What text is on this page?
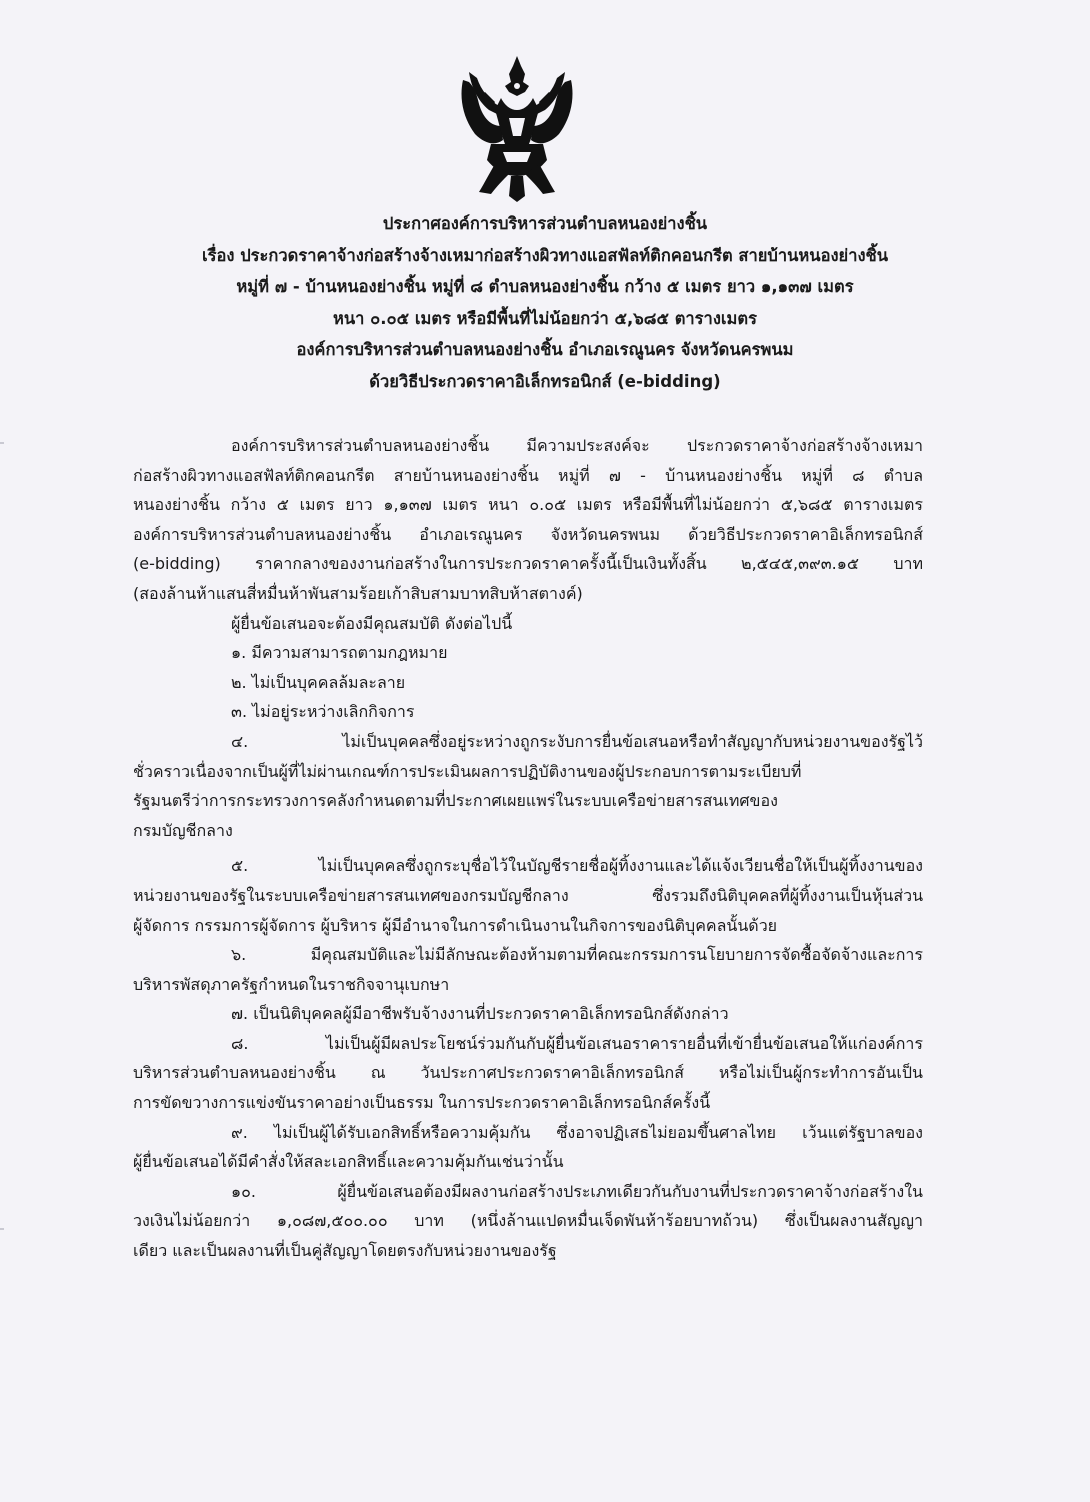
ประกาศองค์การบริหารส่วนตำบลหนองย่างชิ้น
เรื่อง ประกวดราคาจ้างก่อสร้างจ้างเหมาก่อสร้างผิวทางแอสฟัลท์ติกคอนกรีต สายบ้านหนองย่างชิ้น
หมู่ที่ ๗ - บ้านหนองย่างชิ้น หมู่ที่ ๘ ตำบลหนองย่างชิ้น กว้าง ๕ เมตร ยาว ๑,๑๓๗ เมตร
หนา ๐.๐๕ เมตร หรือมีพื้นที่ไม่น้อยกว่า ๕,๖๘๕ ตารางเมตร
องค์การบริหารส่วนตำบลหนองย่างชิ้น อำเภอเรณูนคร จังหวัดนครพนม
ด้วยวิธีประกวดราคาอิเล็กทรอนิกส์ (e-bidding)
องค์การบริหารส่วนตำบลหนองย่างชิ้น มีความประสงค์จะ ประกวดราคาจ้างก่อสร้างจ้างเหมา
ก่อสร้างผิวทางแอสฟัลท์ติกคอนกรีต สายบ้านหนองย่างชิ้น หมู่ที่ ๗ - บ้านหนองย่างชิ้น หมู่ที่ ๘ ตำบล
หนองย่างชิ้น กว้าง ๕ เมตร ยาว ๑,๑๓๗ เมตร หนา ๐.๐๕ เมตร หรือมีพื้นที่ไม่น้อยกว่า ๕,๖๘๕ ตารางเมตร
องค์การบริหารส่วนตำบลหนองย่างชิ้น อำเภอเรณูนคร จังหวัดนครพนม ด้วยวิธีประกวดราคาอิเล็กทรอนิกส์
(e-bidding) ราคากลางของงานก่อสร้างในการประกวดราคาครั้งนี้เป็นเงินทั้งสิ้น ๒,๕๔๕,๓๙๓.๑๕ บาท
(สองล้านห้าแสนสี่หมื่นห้าพันสามร้อยเก้าสิบสามบาทสิบห้าสตางค์)
ผู้ยื่นข้อเสนอจะต้องมีคุณสมบัติ ดังต่อไปนี้
๑. มีความสามารถตามกฎหมาย
๒. ไม่เป็นบุคคลล้มละลาย
๓. ไม่อยู่ระหว่างเลิกกิจการ
๔. ไม่เป็นบุคคลซึ่งอยู่ระหว่างถูกระงับการยื่นข้อเสนอหรือทำสัญญากับหน่วยงานของรัฐไว้
ชั่วคราวเนื่องจากเป็นผู้ที่ไม่ผ่านเกณฑ์การประเมินผลการปฏิบัติงานของผู้ประกอบการตามระเบียบที่
รัฐมนตรีว่าการกระทรวงการคลังกำหนดตามที่ประกาศเผยแพร่ในระบบเครือข่ายสารสนเทศของ
กรมบัญชีกลาง
๕. ไม่เป็นบุคคลซึ่งถูกระบุชื่อไว้ในบัญชีรายชื่อผู้ทิ้งงานและได้แจ้งเวียนชื่อให้เป็นผู้ทิ้งงานของ
หน่วยงานของรัฐในระบบเครือข่ายสารสนเทศของกรมบัญชีกลาง ซึ่งรวมถึงนิติบุคคลที่ผู้ทิ้งงานเป็นหุ้นส่วน
ผู้จัดการ กรรมการผู้จัดการ ผู้บริหาร ผู้มีอำนาจในการดำเนินงานในกิจการของนิติบุคคลนั้นด้วย
๖. มีคุณสมบัติและไม่มีลักษณะต้องห้ามตามที่คณะกรรมการนโยบายการจัดซื้อจัดจ้างและการ
บริหารพัสดุภาครัฐกำหนดในราชกิจจานุเบกษา
๗. เป็นนิติบุคคลผู้มีอาชีพรับจ้างงานที่ประกวดราคาอิเล็กทรอนิกส์ดังกล่าว
๘. ไม่เป็นผู้มีผลประโยชน์ร่วมกันกับผู้ยื่นข้อเสนอราคารายอื่นที่เข้ายื่นข้อเสนอให้แก่องค์การ
บริหารส่วนตำบลหนองย่างชิ้น ณ วันประกาศประกวดราคาอิเล็กทรอนิกส์ หรือไม่เป็นผู้กระทำการอันเป็น
การขัดขวางการแข่งขันราคาอย่างเป็นธรรม ในการประกวดราคาอิเล็กทรอนิกส์ครั้งนี้
๙. ไม่เป็นผู้ได้รับเอกสิทธิ์หรือความคุ้มกัน ซึ่งอาจปฏิเสธไม่ยอมขึ้นศาลไทย เว้นแต่รัฐบาลของ
ผู้ยื่นข้อเสนอได้มีคำสั่งให้สละเอกสิทธิ์และความคุ้มกันเช่นว่านั้น
๑๐. ผู้ยื่นข้อเสนอต้องมีผลงานก่อสร้างประเภทเดียวกันกับงานที่ประกวดราคาจ้างก่อสร้างใน
วงเงินไม่น้อยกว่า ๑,๐๘๗,๕๐๐.๐๐ บาท (หนึ่งล้านแปดหมื่นเจ็ดพันห้าร้อยบาทถ้วน) ซึ่งเป็นผลงานสัญญา
เดียว และเป็นผลงานที่เป็นคู่สัญญาโดยตรงกับหน่วยงานของรัฐ
